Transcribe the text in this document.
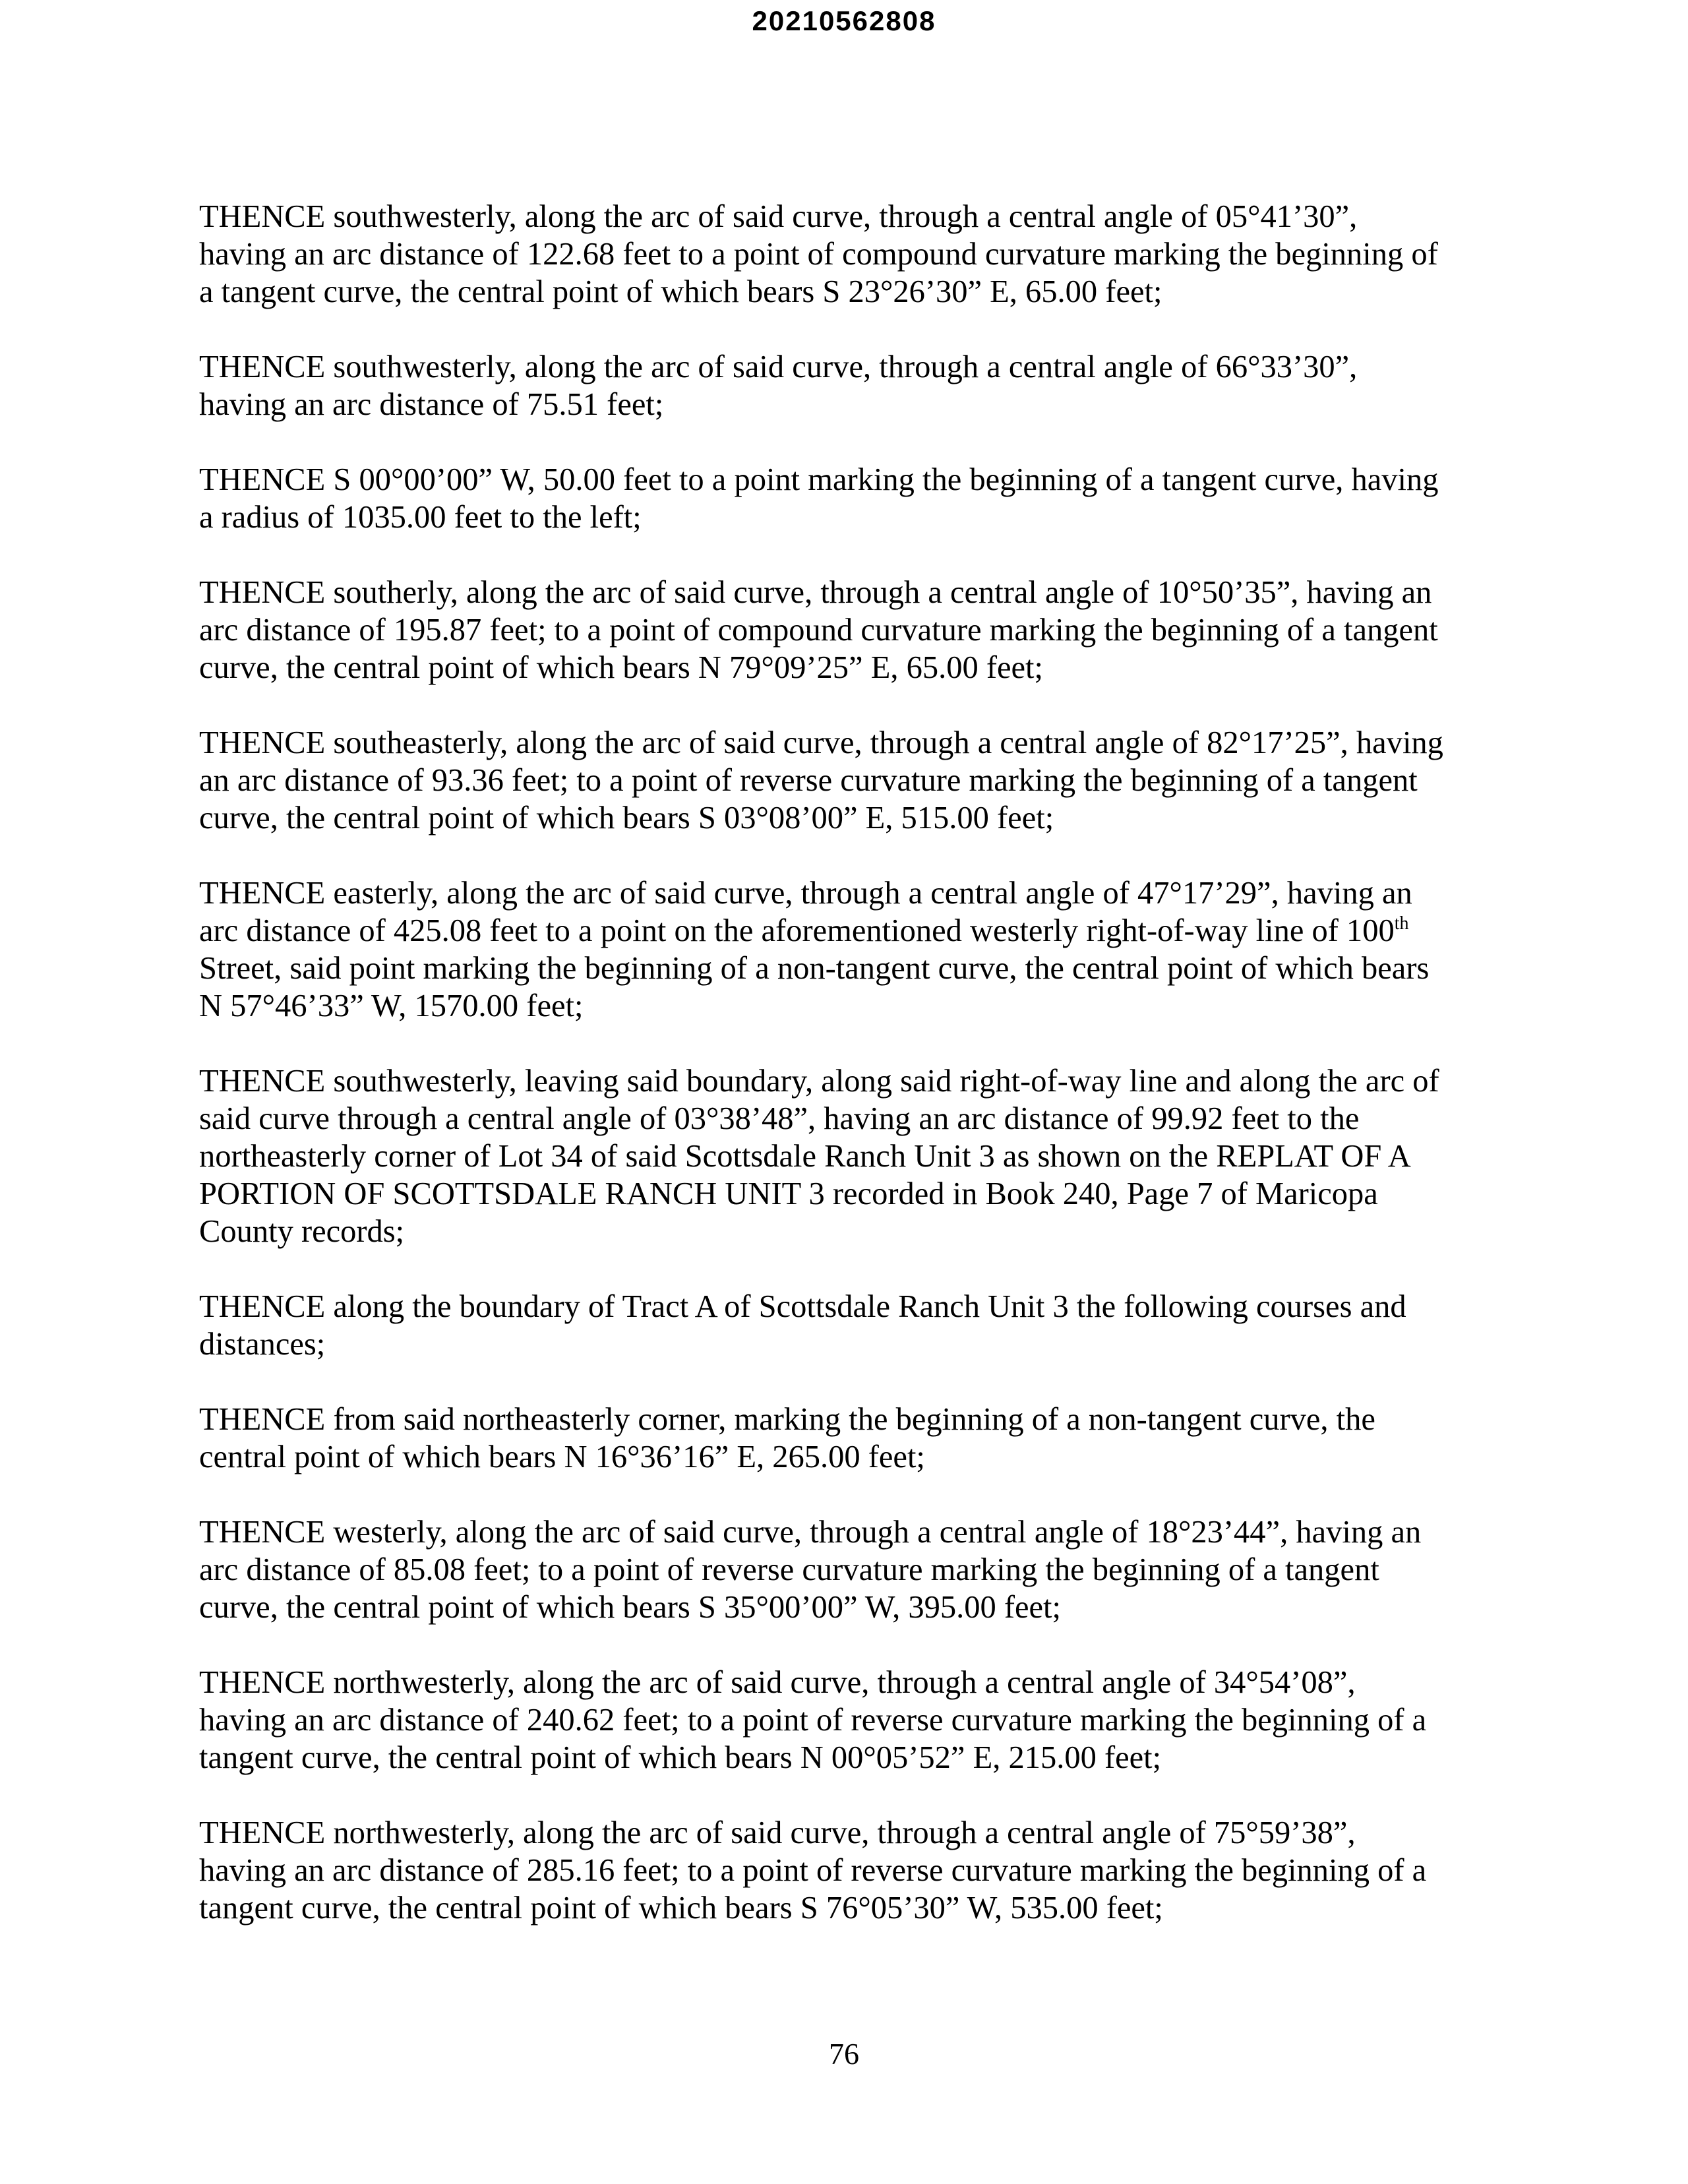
20210562808
THENCE southwesterly, along the arc of said curve, through a central angle of 05°41’30”,
having an arc distance of 122.68 feet to a point of compound curvature marking the beginning of
a tangent curve, the central point of which bears S 23°26’30” E, 65.00 feet;
THENCE southwesterly, along the arc of said curve, through a central angle of 66°33’30”,
having an arc distance of 75.51 feet;
THENCE S 00°00’00” W, 50.00 feet to a point marking the beginning of a tangent curve, having
a radius of 1035.00 feet to the left;
THENCE southerly, along the arc of said curve, through a central angle of 10°50’35”, having an
arc distance of 195.87 feet; to a point of compound curvature marking the beginning of a tangent
curve, the central point of which bears N 79°09’25” E, 65.00 feet;
THENCE southeasterly, along the arc of said curve, through a central angle of 82°17’25”, having
an arc distance of 93.36 feet; to a point of reverse curvature marking the beginning of a tangent
curve, the central point of which bears S 03°08’00” E, 515.00 feet;
THENCE easterly, along the arc of said curve, through a central angle of 47°17’29”, having an
arc distance of 425.08 feet to a point on the aforementioned westerly right-of-way line of 100th
Street, said point marking the beginning of a non-tangent curve, the central point of which bears
N 57°46’33” W, 1570.00 feet;
THENCE southwesterly, leaving said boundary, along said right-of-way line and along the arc of
said curve through a central angle of 03°38’48”, having an arc distance of 99.92 feet to the
northeasterly corner of Lot 34 of said Scottsdale Ranch Unit 3 as shown on the REPLAT OF A
PORTION OF SCOTTSDALE RANCH UNIT 3 recorded in Book 240, Page 7 of Maricopa
County records;
THENCE along the boundary of Tract A of Scottsdale Ranch Unit 3 the following courses and
distances;
THENCE from said northeasterly corner, marking the beginning of a non-tangent curve, the
central point of which bears N 16°36’16” E, 265.00 feet;
THENCE westerly, along the arc of said curve, through a central angle of 18°23’44”, having an
arc distance of 85.08 feet; to a point of reverse curvature marking the beginning of a tangent
curve, the central point of which bears S 35°00’00” W, 395.00 feet;
THENCE northwesterly, along the arc of said curve, through a central angle of 34°54’08”,
having an arc distance of 240.62 feet; to a point of reverse curvature marking the beginning of a
tangent curve, the central point of which bears N 00°05’52” E, 215.00 feet;
THENCE northwesterly, along the arc of said curve, through a central angle of 75°59’38”,
having an arc distance of 285.16 feet; to a point of reverse curvature marking the beginning of a
tangent curve, the central point of which bears S 76°05’30” W, 535.00 feet;
76
